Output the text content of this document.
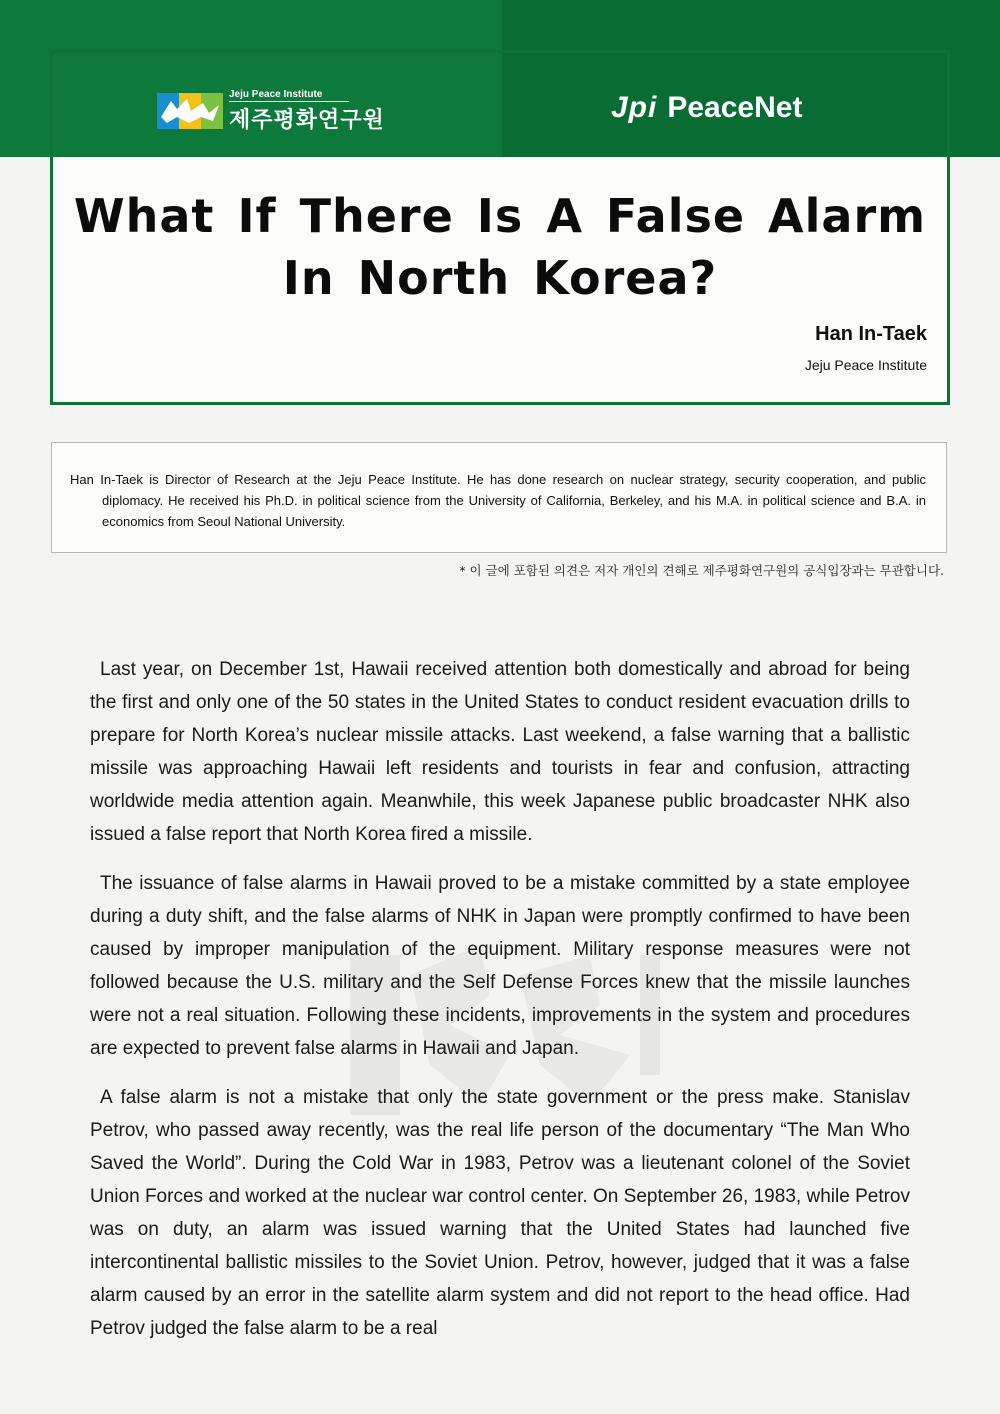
Jeju Peace Institute
제주평화연구원	Jpi PeaceNet
What If There Is A False Alarm In North Korea?
Han In-Taek
Jeju Peace Institute

Han In-Taek is Director of Research at the Jeju Peace Institute. He has done research on nuclear strategy, security cooperation, and public diplomacy. He received his Ph.D. in political science from the University of California, Berkeley, and his M.A. in political science and B.A. in economics from Seoul National University.

* 이 글에 포함된 의견은 저자 개인의 견해로 제주평화연구원의 공식입장과는 무관합니다.

Last year, on December 1st, Hawaii received attention both domestically and abroad for being the first and only one of the 50 states in the United States to conduct resident evacuation drills to prepare for North Korea’s nuclear missile attacks. Last weekend, a false warning that a ballistic missile was approaching Hawaii left residents and tourists in fear and confusion, attracting worldwide media attention again. Meanwhile, this week Japanese public broadcaster NHK also issued a false report that North Korea fired a missile.

The issuance of false alarms in Hawaii proved to be a mistake committed by a state employee during a duty shift, and the false alarms of NHK in Japan were promptly confirmed to have been caused by improper manipulation of the equipment. Military response measures were not followed because the U.S. military and the Self Defense Forces knew that the missile launches were not a real situation. Following these incidents, improvements in the system and procedures are expected to prevent false alarms in Hawaii and Japan.

A false alarm is not a mistake that only the state government or the press make. Stanislav Petrov, who passed away recently, was the real life person of the documentary “The Man Who Saved the World”. During the Cold War in 1983, Petrov was a lieutenant colonel of the Soviet Union Forces and worked at the nuclear war control center. On September 26, 1983, while Petrov was on duty, an alarm was issued warning that the United States had launched five intercontinental ballistic missiles to the Soviet Union. Petrov, however, judged that it was a false alarm caused by an error in the satellite alarm system and did not report to the head office. Had Petrov judged the false alarm to be a real
